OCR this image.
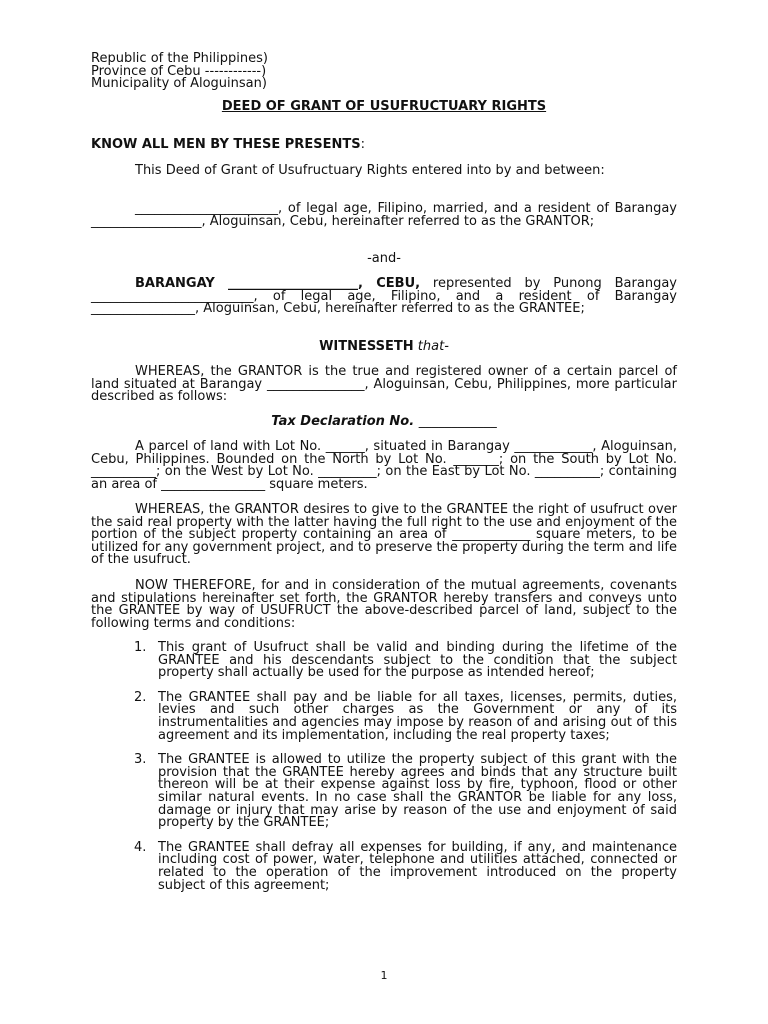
Republic of the Philippines)
Province of Cebu ------------)
Municipality of Aloguinsan)
DEED OF GRANT OF USUFRUCTUARY RIGHTS
KNOW ALL MEN BY THESE PRESENTS:
This Deed of Grant of Usufructuary Rights entered into by and between:
______________________, of legal age, Filipino, married, and a resident of Barangay _________________, Aloguinsan, Cebu, hereinafter referred to as the GRANTOR;
-and-
BARANGAY ____________________, CEBU, represented by Punong Barangay _________________________, of legal age, Filipino, and a resident of Barangay ________________, Aloguinsan, Cebu, hereinafter referred to as the GRANTEE;
WITNESSETH that-
WHEREAS, the GRANTOR is the true and registered owner of a certain parcel of land situated at Barangay _______________, Aloguinsan, Cebu, Philippines, more particular described as follows:
Tax Declaration No. ____________
A parcel of land with Lot No. ______, situated in Barangay ____________, Aloguinsan, Cebu, Philippines. Bounded on the North by Lot No. _______; on the South by Lot No. __________; on the West by Lot No. _________; on the East by Lot No. __________; containing an area of ________________ square meters.
WHEREAS, the GRANTOR desires to give to the GRANTEE the right of usufruct over the said real property with the latter having the full right to the use and enjoyment of the portion of the subject property containing an area of ____________ square meters, to be utilized for any government project, and to preserve the property during the term and life of the usufruct.
NOW THEREFORE, for and in consideration of the mutual agreements, covenants and stipulations hereinafter set forth, the GRANTOR hereby transfers and conveys unto the GRANTEE by way of USUFRUCT the above-described parcel of land, subject to the following terms and conditions:
1. This grant of Usufruct shall be valid and binding during the lifetime of the GRANTEE and his descendants subject to the condition that the subject property shall actually be used for the purpose as intended hereof;
2. The GRANTEE shall pay and be liable for all taxes, licenses, permits, duties, levies and such other charges as the Government or any of its instrumentalities and agencies may impose by reason of and arising out of this agreement and its implementation, including the real property taxes;
3. The GRANTEE is allowed to utilize the property subject of this grant with the provision that the GRANTEE hereby agrees and binds that any structure built thereon will be at their expense against loss by fire, typhoon, flood or other similar natural events. In no case shall the GRANTOR be liable for any loss, damage or injury that may arise by reason of the use and enjoyment of said property by the GRANTEE;
4. The GRANTEE shall defray all expenses for building, if any, and maintenance including cost of power, water, telephone and utilities attached, connected or related to the operation of the improvement introduced on the property subject of this agreement;
1
